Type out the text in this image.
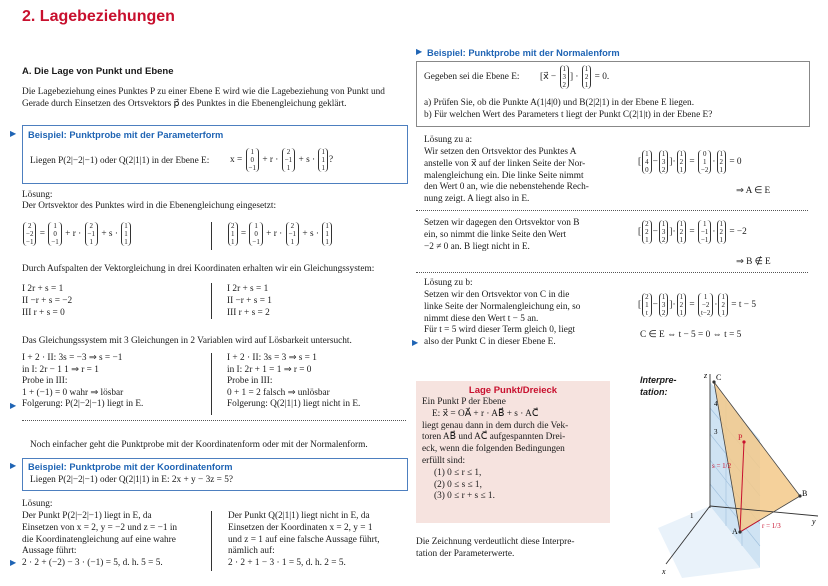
2. Lagebeziehungen
A. Die Lage von Punkt und Ebene
Die Lagebeziehung eines Punktes P zu einer Ebene E wird wie die Lagebeziehung von Punkt und
Gerade durch Einsetzen des Ortsvektors p⃗ des Punktes in die Ebenengleichung geklärt.
▶ Beispiel: Punktprobe mit der Parameterform
Liegen P(2|−2|−1) oder Q(2|1|1) in der Ebene E: x = 1
0
−1 + r · 2
−1
1 + s · 1
1
1?
Lösung:
Der Ortsvektor des Punktes wird in die Ebenengleichung eingesetzt:
2
−2
−1 = 1
0
−1 + r · 2
−1
1 + s · 1
1
1
2
1
1 = 1
0
−1 + r · 2
−1
1 + s · 1
1
1
Durch Aufspalten der Vektorgleichung in drei Koordinaten erhalten wir ein Gleichungssystem:
I 2r + s = 1
II −r + s = −2
III r + s = 0
I 2r + s = 1
II −r + s = 1
III r + s = 2
Das Gleichungssystem mit 3 Gleichungen in 2 Variablen wird auf Lösbarkeit untersucht.
I + 2 · II: 3s = −3 ⇒ s = −1
in I: 2r − 1 1 ⇒ r = 1
Probe in III:
1 + (−1) = 0 wahr ⇒ lösbar
Folgerung: P(2|−2|−1) liegt in E.
▶
I + 2 · II: 3s = 3 ⇒ s = 1
in I: 2r + 1 = 1 ⇒ r = 0
Probe in III:
0 + 1 = 2 falsch ⇒ unlösbar
Folgerung: Q(2|1|1) liegt nicht in E.
Noch einfacher geht die Punktprobe mit der Koordinatenform oder mit der Normalenform.
▶ Beispiel: Punktprobe mit der Koordinatenform
Liegen P(2|−2|−1) oder Q(2|1|1) in E: 2x + y − 3z = 5?
Lösung:
Der Punkt P(2|−2|−1) liegt in E, da
Einsetzen von x = 2, y = −2 und z = −1 in
die Koordinatengleichung auf eine wahre
Aussage führt:
2 · 2 + (−2) − 3 · (−1) = 5, d. h. 5 = 5.
▶
Der Punkt Q(2|1|1) liegt nicht in E, da
Einsetzen der Koordinaten x = 2, y = 1
und z = 1 auf eine falsche Aussage führt,
nämlich auf:
2 · 2 + 1 − 3 · 1 = 5, d. h. 2 = 5.
▶ Beispiel: Punktprobe mit der Normalenform
Gegeben sei die Ebene E: [x⃗ − 1
3
2] · 1
2
1 = 0.
a) Prüfen Sie, ob die Punkte A(1|4|0) und B(2|2|1) in der Ebene E liegen.
b) Für welchen Wert des Parameters t liegt der Punkt C(2|1|t) in der Ebene E?
Lösung zu a:
Wir setzen den Ortsvektor des Punktes A
anstelle von x⃗ auf der linken Seite der Nor-
malengleichung ein. Die linke Seite nimmt
den Wert 0 an, wie die nebenstehende Rech-
nung zeigt. A liegt also in E.
[1
4
0−1
3
2]·1
2
1 = 0
1
−2·1
2
1 = 0
⇒ A ∈ E
Setzen wir dagegen den Ortsvektor von B
ein, so nimmt die linke Seite den Wert
−2 ≠ 0 an. B liegt nicht in E.
[2
2
1−1
3
2]·1
2
1 = 1
−1
−1·1
2
1 = −2
⇒ B ∉ E
Lösung zu b:
Setzen wir den Ortsvektor von C in die
linke Seite der Normalengleichung ein, so
nimmt diese den Wert t − 5 an.
Für t = 5 wird dieser Term gleich 0, liegt
also der Punkt C in dieser Ebene E.
▶
[2
1
t−1
3
2]·1
2
1 = 1
−2
t−2·1
2
1 = t − 5
C ∈ E ⇔ t − 5 = 0 ⇔ t = 5
Lage Punkt/Dreieck
Ein Punkt P der Ebene
E: x⃗ = OA⃗ + r · AB⃗ + s · AC⃗
liegt genau dann in dem durch die Vek-
toren AB⃗ und AC⃗ aufgespannten Drei-
eck, wenn die folgenden Bedingungen
erfüllt sind:
(1) 0 ≤ r ≤ 1,
(2) 0 ≤ s ≤ 1,
(3) 0 ≤ r + s ≤ 1.
Die Zeichnung verdeutlicht diese Interpre-
tation der Parameterwerte.
Interpre-
tation:
z C
A
B
P
4
3
1
s = 1/2
r = 1/3	y
x
